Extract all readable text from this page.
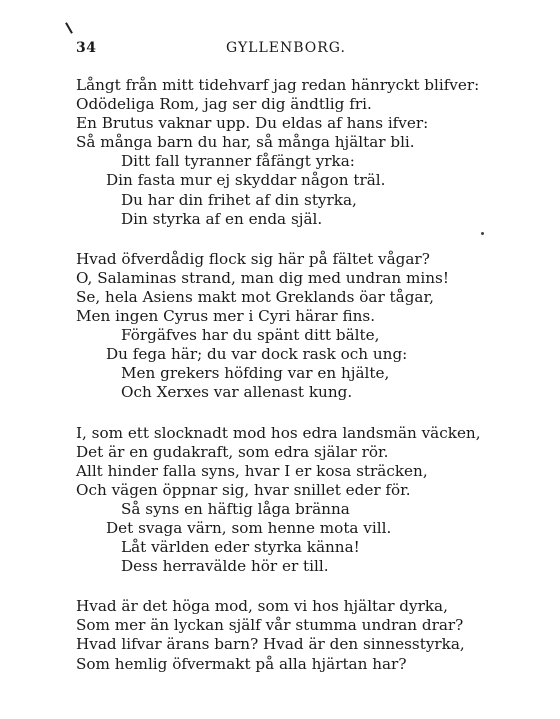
34	GYLLENBORG.
Långt från mitt tidehvarf jag redan hänryckt blifver:
Odödeliga Rom, jag ser dig ändtlig fri.
En Brutus vaknar upp. Du eldas af hans ifver:
Så många barn du har, så många hjältar bli.
Ditt fall tyranner fåfängt yrka:
Din fasta mur ej skyddar någon träl.
Du har din frihet af din styrka,
Din styrka af en enda själ.
Hvad öfverdådig flock sig här på fältet vågar?
O, Salaminas strand, man dig med undran mins!
Se, hela Asiens makt mot Greklands öar tågar,
Men ingen Cyrus mer i Cyri härar fins.
Förgäfves har du spänt ditt bälte,
Du fega här; du var dock rask och ung:
Men grekers höfding var en hjälte,
Och Xerxes var allenast kung.
I, som ett slocknadt mod hos edra landsmän väcken,
Det är en gudakraft, som edra själar rör.
Allt hinder falla syns, hvar I er kosa sträcken,
Och vägen öppnar sig, hvar snillet eder för.
Så syns en häftig låga bränna
Det svaga värn, som henne mota vill.
Låt världen eder styrka känna!
Dess herravälde hör er till.
Hvad är det höga mod, som vi hos hjältar dyrka,
Som mer än lyckan själf vår stumma undran drar?
Hvad lifvar ärans barn? Hvad är den sinnesstyrka,
Som hemlig öfvermakt på alla hjärtan har?
